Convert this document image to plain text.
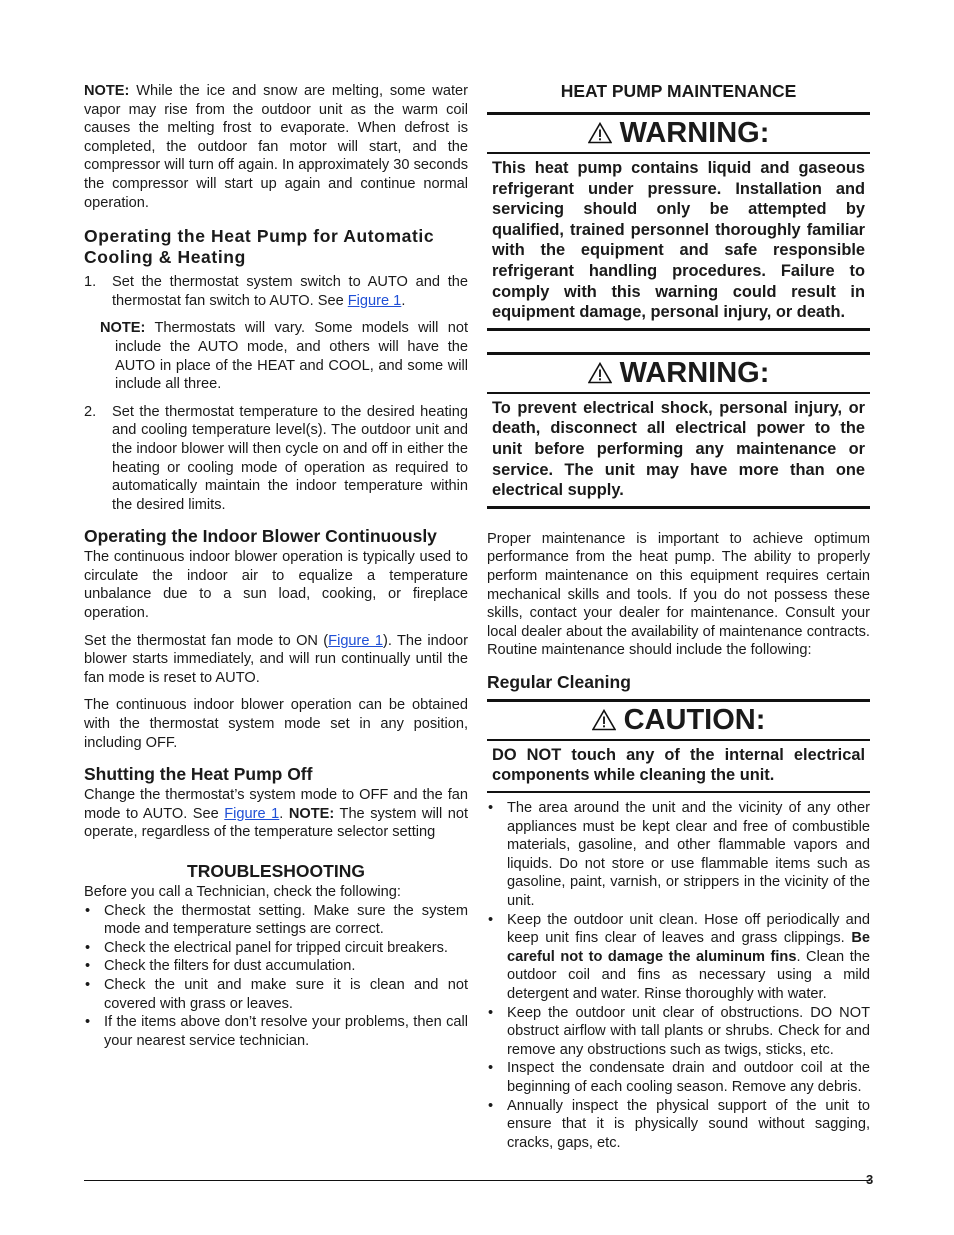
NOTE: While the ice and snow are melting, some water vapor may rise from the outdoor unit as the warm coil causes the melting frost to evaporate. When defrost is completed, the outdoor fan motor will start, and the compressor will turn off again. In approximately 30 seconds the compressor will start up again and continue normal operation.

Operating the Heat Pump for Automatic Cooling & Heating
1. Set the thermostat system switch to AUTO and the thermostat fan switch to AUTO. See Figure 1.

NOTE: Thermostats will vary. Some models will not include the AUTO mode, and others will have the AUTO in place of the HEAT and COOL, and some will include all three.

2. Set the thermostat temperature to the desired heating and cooling temperature level(s). The outdoor unit and the indoor blower will then cycle on and off in either the heating or cooling mode of operation as required to automatically maintain the indoor temperature within the desired limits.
Operating the Indoor Blower Continuously

The continuous indoor blower operation is typically used to circulate the indoor air to equalize a temperature unbalance due to a sun load, cooking, or fireplace operation.

Set the thermostat fan mode to ON (Figure 1). The indoor blower starts immediately, and will run continually until the fan mode is reset to AUTO.

The continuous indoor blower operation can be obtained with the thermostat system mode set in any position, including OFF.

Shutting the Heat Pump Off

Change the thermostat’s system mode to OFF and the fan mode to AUTO. See Figure 1. NOTE: The system will not operate, regardless of the temperature selector setting

TROUBLESHOOTING
Before you call a Technician, check the following:
• Check the thermostat setting. Make sure the system mode and temperature settings are correct.
• Check the electrical panel for tripped circuit breakers.
• Check the filters for dust accumulation.
• Check the unit and make sure it is clean and not covered with grass or leaves.
• If the items above don’t resolve your problems, then call your nearest service technician.
HEAT PUMP MAINTENANCE
WARNING:
This heat pump contains liquid and gaseous refrigerant under pressure. Installation and servicing should only be attempted by qualified, trained personnel thoroughly familiar with the equipment and safe responsible refrigerant handling procedures. Failure to comply with this warning could result in equipment damage, personal injury, or death.
WARNING:
To prevent electrical shock, personal injury, or death, disconnect all electrical power to the unit before performing any maintenance or service. The unit may have more than one electrical supply.

Proper maintenance is important to achieve optimum performance from the heat pump. The ability to properly perform maintenance on this equipment requires certain mechanical skills and tools. If you do not possess these skills, contact your dealer for maintenance. Consult your local dealer about the availability of maintenance contracts. Routine maintenance should include the following:

Regular Cleaning
CAUTION:
DO NOT touch any of the internal electrical components while cleaning the unit.
• The area around the unit and the vicinity of any other appliances must be kept clear and free of combustible materials, gasoline, and other flammable vapors and liquids. Do not store or use flammable items such as gasoline, paint, varnish, or strippers in the vicinity of the unit.
• Keep the outdoor unit clean. Hose off periodically and keep unit fins clear of leaves and grass clippings. Be careful not to damage the aluminum fins. Clean the outdoor coil and fins as necessary using a mild detergent and water. Rinse thoroughly with water.
• Keep the outdoor unit clear of obstructions. DO NOT obstruct airflow with tall plants or shrubs. Check for and remove any obstructions such as twigs, sticks, etc.
• Inspect the condensate drain and outdoor coil at the beginning of each cooling season. Remove any debris.
• Annually inspect the physical support of the unit to ensure that it is physically sound without sagging, cracks, gaps, etc.
3
